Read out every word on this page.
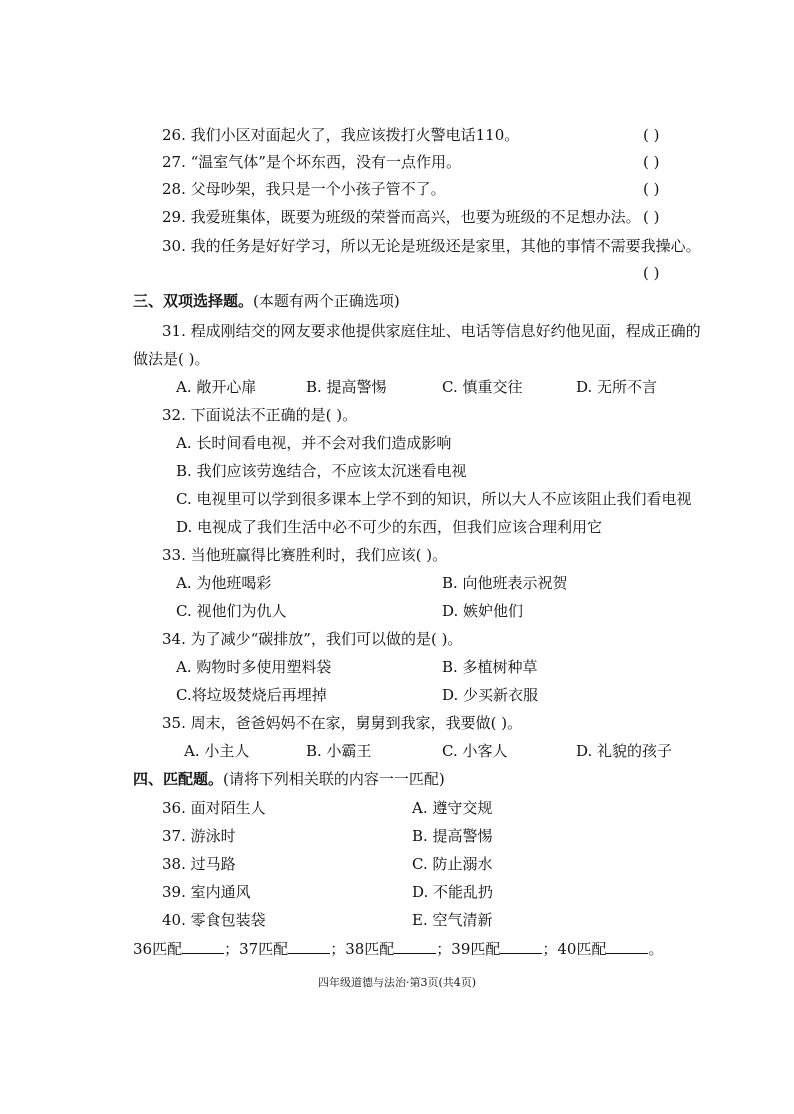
26. 我们小区对面起火了，我应该拨打火警电话110。	( )
27. “温室气体”是个坏东西，没有一点作用。	( )
28. 父母吵架，我只是一个小孩子管不了。	( )
29. 我爱班集体，既要为班级的荣誉而高兴，也要为班级的不足想办法。 ( )
30. 我的任务是好好学习，所以无论是班级还是家里，其他的事情不需要我操心。
( )
三、双项选择题。(本题有两个正确选项)
31. 程成刚结交的网友要求他提供家庭住址、电话等信息好约他见面，程成正确的
做法是( )。
A. 敞开心扉	B. 提高警惕	C. 慎重交往	D. 无所不言
32. 下面说法不正确的是( )。
A. 长时间看电视，并不会对我们造成影响
B. 我们应该劳逸结合，不应该太沉迷看电视
C. 电视里可以学到很多课本上学不到的知识，所以大人不应该阻止我们看电视
D. 电视成了我们生活中必不可少的东西，但我们应该合理利用它
33. 当他班赢得比赛胜利时，我们应该( )。
A. 为他班喝彩	B. 向他班表示祝贺
C. 视他们为仇人	D. 嫉妒他们
34. 为了减少“碳排放”，我们可以做的是( )。
A. 购物时多使用塑料袋	B. 多植树种草
C.将垃圾焚烧后再埋掉	D. 少买新衣服
35. 周末，爸爸妈妈不在家，舅舅到我家，我要做( )。
A. 小主人	B. 小霸王	C. 小客人	D. 礼貌的孩子
四、匹配题。(请将下列相关联的内容一一匹配)
36. 面对陌生人	A. 遵守交规
37. 游泳时	B. 提高警惕
38. 过马路	C. 防止溺水
39. 室内通风	D. 不能乱扔
40. 零食包装袋	E. 空气清新
36匹配	；37匹配	；38匹配	；39匹配	；40匹配	。
四年级道德与法治·第3页(共4页)
